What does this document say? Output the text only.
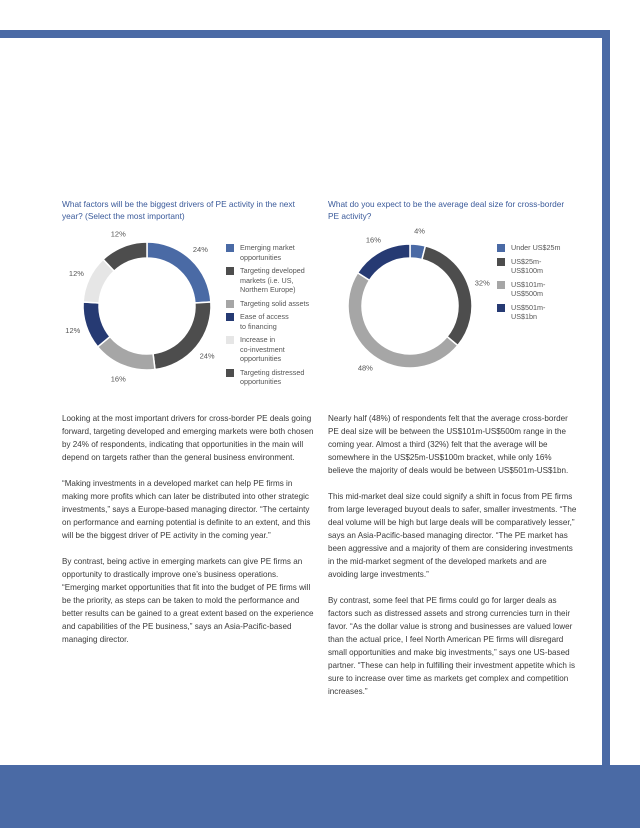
7
What factors will be the biggest drivers of PE activity in the next year? (Select the most important)
24%
24%
16%
12%
12%
12%
Emerging market
opportunities
Targeting developed
markets (i.e. US,
Northern Europe)
Targeting solid assets
Ease of access
to financing
Increase in
co-investment
opportunities
Targeting distressed
opportunities
What do you expect to be the average deal size for cross-border PE activity?
4%
32%
48%
16%
Under US$25m
US$25m-
US$100m
US$101m-
US$500m
US$501m-
US$1bn

Looking at the most important drivers for cross-border PE deals going forward, targeting developed and emerging markets were both chosen by 24% of respondents, indicating that opportunities in the main will depend on targets rather than the general business environment.

“Making investments in a developed market can help PE firms in making more profits which can later be distributed into other strategic investments,” says a Europe-based managing director. “The certainty on performance and earning potential is definite to an extent, and this will be the biggest driver of PE activity in the coming year.”

By contrast, being active in emerging markets can give PE firms an opportunity to drastically improve one’s business operations. “Emerging market opportunities that fit into the budget of PE firms will be the priority, as steps can be taken to mold the performance and better results can be gained to a great extent based on the experience and capabilities of the PE business,” says an Asia-Pacific-based managing director.

Nearly half (48%) of respondents felt that the average cross-border PE deal size will be between the US$101m-US$500m range in the coming year. Almost a third (32%) felt that the average will be somewhere in the US$25m-US$100m bracket, while only 16% believe the majority of deals would be between US$501m-US$1bn.

This mid-market deal size could signify a shift in focus from PE firms from large leveraged buyout deals to safer, smaller investments. “The deal volume will be high but large deals will be comparatively lesser,” says an Asia-Pacific-based managing director. “The PE market has been aggressive and a majority of them are considering investments in the mid-market segment of the developed markets and are avoiding large investments.”

By contrast, some feel that PE firms could go for larger deals as factors such as distressed assets and strong currencies turn in their favor. “As the dollar value is strong and businesses are valued lower than the actual price, I feel North American PE firms will disregard small opportunities and make big investments,” says one US-based partner. “These can help in fulfilling their investment appetite which is sure to increase over time as markets get complex and competition increases.”
